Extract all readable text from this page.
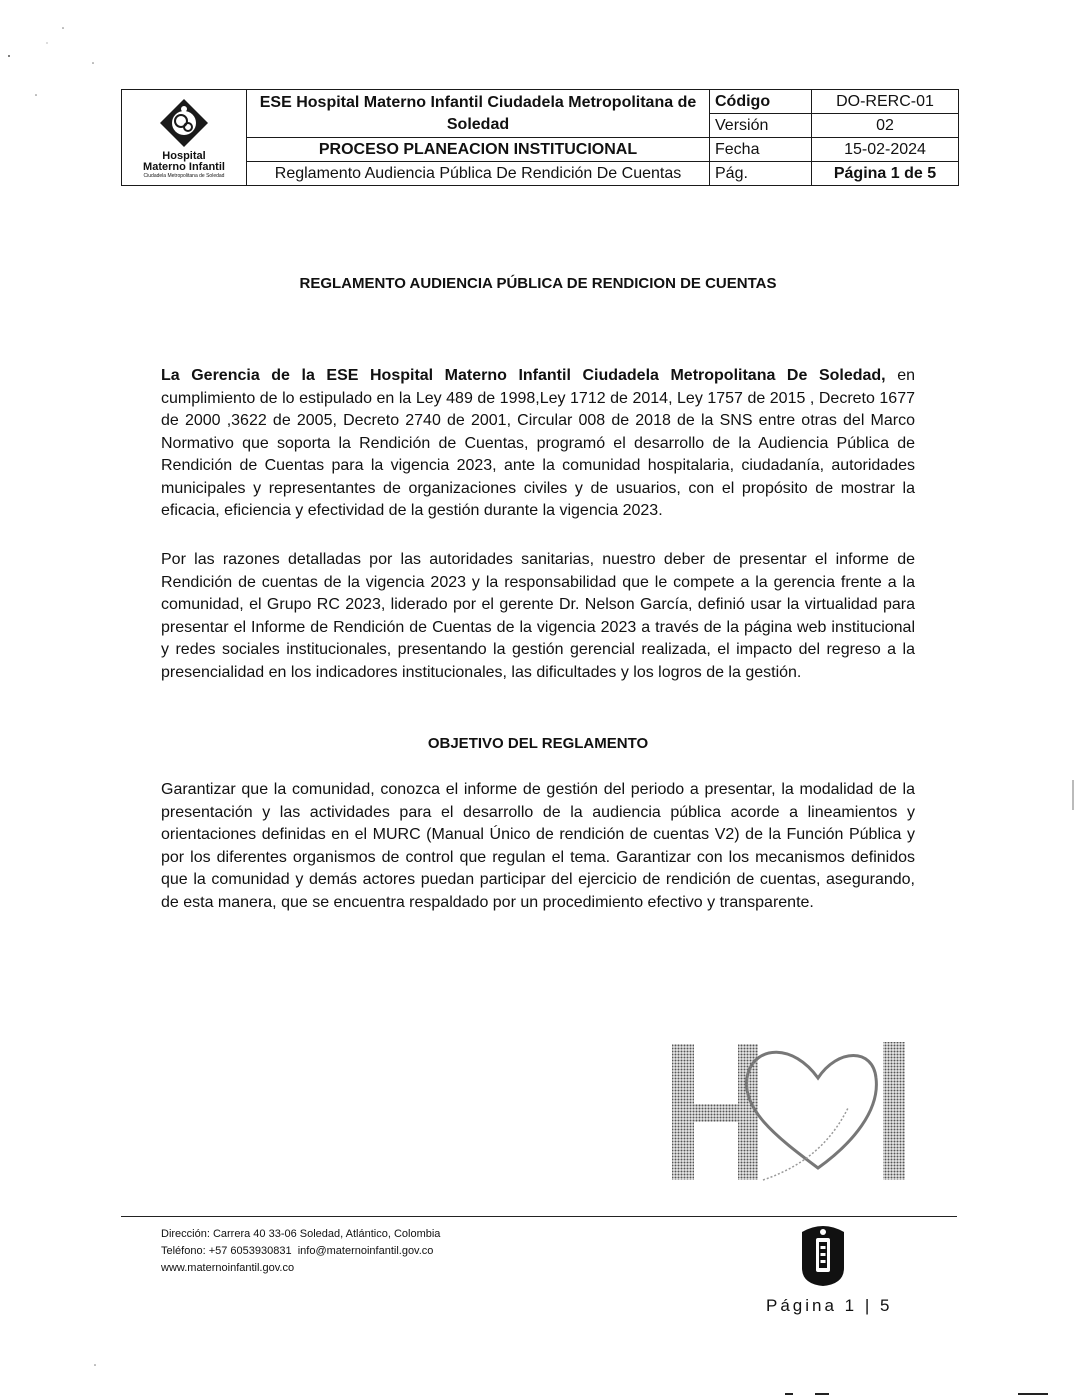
Hospital
Materno Infantil
Ciudadela Metropolitana de Soledad	ESE Hospital Materno Infantil Ciudadela Metropolitana de Soledad	Código	DO-RERC-01
		Versión	02
	PROCESO PLANEACION INSTITUCIONAL	Fecha	15-02-2024
	Reglamento Audiencia Pública De Rendición De Cuentas	Pág.	Página 1 de 5
REGLAMENTO AUDIENCIA PÚBLICA DE RENDICION DE CUENTAS

La Gerencia de la ESE Hospital Materno Infantil Ciudadela Metropolitana De Soledad, en cumplimiento de lo estipulado en la Ley 489 de 1998,Ley 1712 de 2014, Ley 1757 de 2015 , Decreto 1677 de 2000 ,3622 de 2005, Decreto 2740 de 2001, Circular 008 de 2018 de la SNS entre otras del Marco Normativo que soporta la Rendición de Cuentas, programó el desarrollo de la Audiencia Pública de Rendición de Cuentas para la vigencia 2023, ante la comunidad hospitalaria, ciudadanía, autoridades municipales y representantes de organizaciones civiles y de usuarios, con el propósito de mostrar la eficacia, eficiencia y efectividad de la gestión durante la vigencia 2023.

Por las razones detalladas por las autoridades sanitarias, nuestro deber de presentar el informe de Rendición de cuentas de la vigencia 2023 y la responsabilidad que le compete a la gerencia frente a la comunidad, el Grupo RC 2023, liderado por el gerente Dr. Nelson García, definió usar la virtualidad para presentar el Informe de Rendición de Cuentas de la vigencia 2023 a través de la página web institucional y redes sociales institucionales, presentando la gestión gerencial realizada, el impacto del regreso a la presencialidad en los indicadores institucionales, las dificultades y los logros de la gestión.

OBJETIVO DEL REGLAMENTO

Garantizar que la comunidad, conozca el informe de gestión del periodo a presentar, la modalidad de la presentación y las actividades para el desarrollo de la audiencia pública acorde a lineamientos y orientaciones definidas en el MURC (Manual Único de rendición de cuentas V2) de la Función Pública y por los diferentes organismos de control que regulan el tema. Garantizar con los mecanismos definidos que la comunidad y demás actores puedan participar del ejercicio de rendición de cuentas, asegurando, de esta manera, que se encuentra respaldado por un procedimiento efectivo y transparente.

Dirección: Carrera 40 33-06 Soledad, Atlántico, Colombia
Teléfono: +57 6053930831 info@maternoinfantil.gov.co
www.maternoinfantil.gov.co
Página 1 | 5
